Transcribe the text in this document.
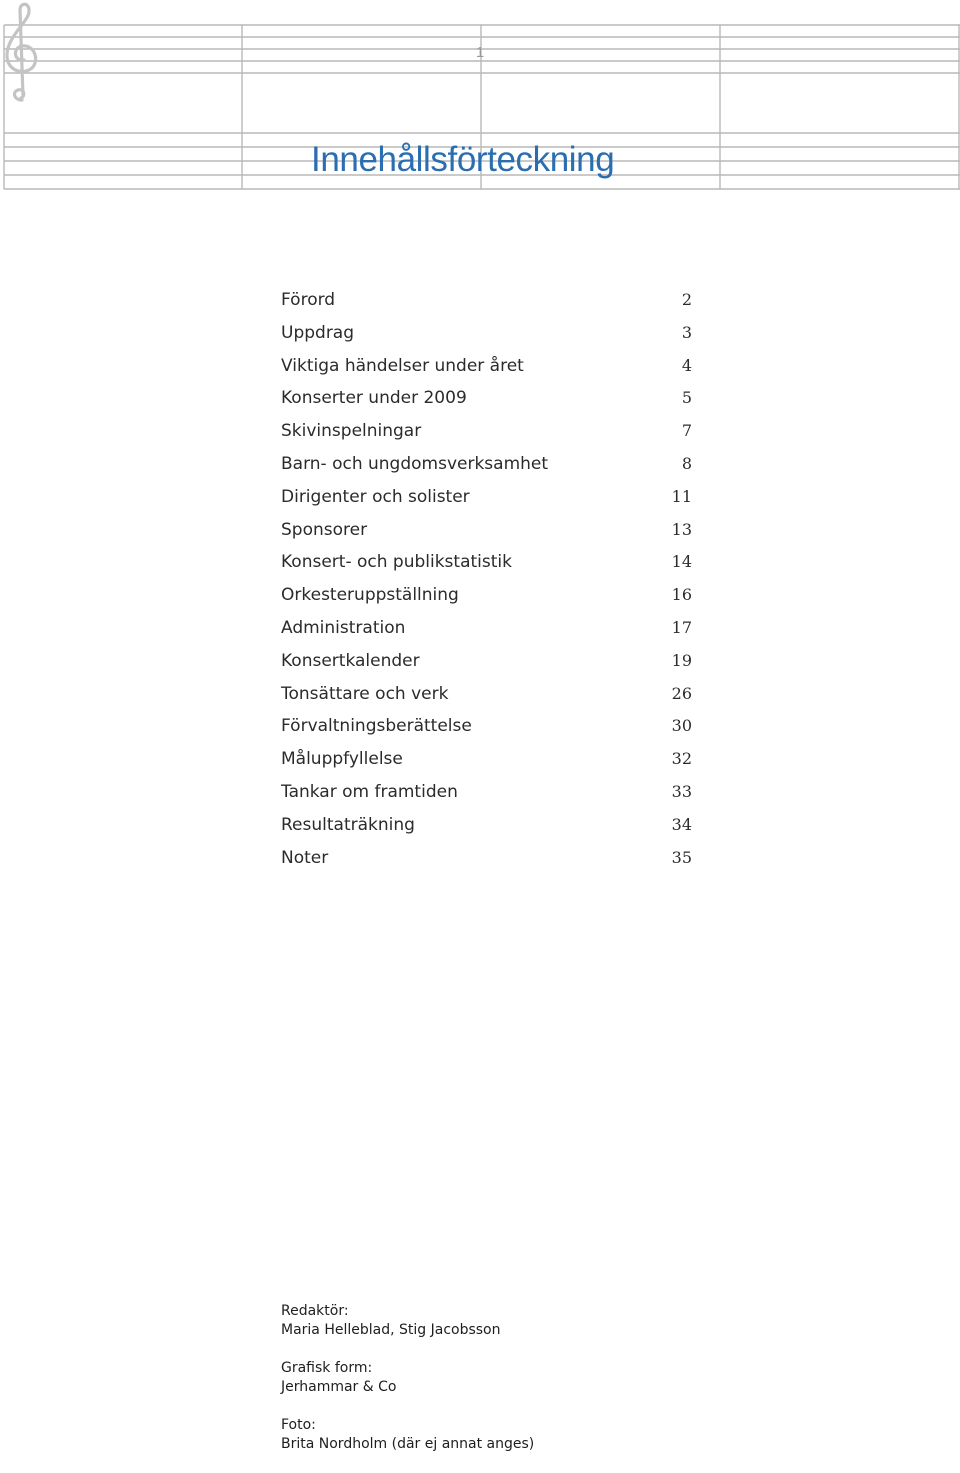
1
Innehållsförteckning
Förord	2
Uppdrag	3
Viktiga händelser under året	4
Konserter under 2009	5
Skivinspelningar	7
Barn- och ungdomsverksamhet	8
Dirigenter och solister	11
Sponsorer	13
Konsert- och publikstatistik	14
Orkesteruppställning	16
Administration	17
Konsertkalender	19
Tonsättare och verk	26
Förvaltningsberättelse	30
Måluppfyllelse	32
Tankar om framtiden	33
Resultaträkning	34
Noter	35

Redaktör:

Maria Helleblad, Stig Jacobsson

Grafisk form:

Jerhammar & Co

Foto:

Brita Nordholm (där ej annat anges)
